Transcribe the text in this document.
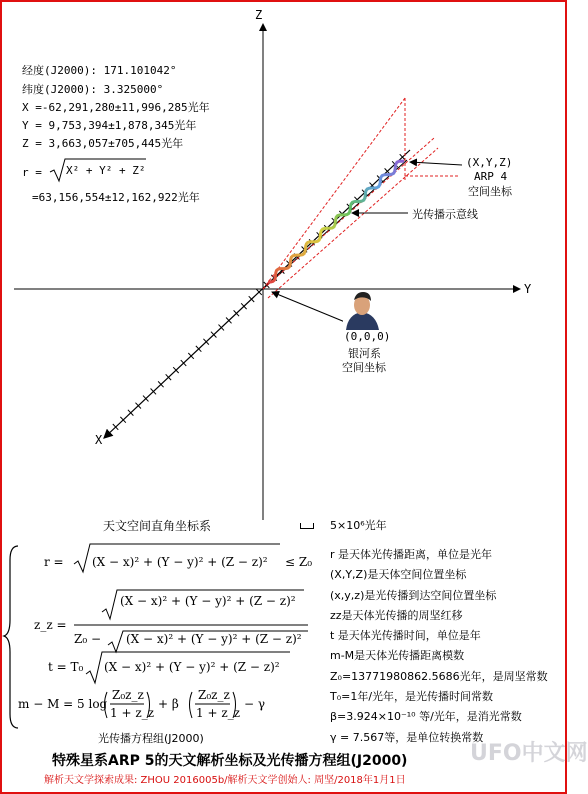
Z
Y
X
经度(J2000): 171.101042°
纬度(J2000): 3.325000°
X =-62,291,280±11,996,285光年
Y = 9,753,394±1,878,345光年
Z = 3,663,057±705,445光年
r = X² + Y² + Z²
=63,156,554±12,162,922光年
(X,Y,Z)
ARP 4
空间坐标
光传播示意线
(0,0,0)
银河系
空间坐标
天文空间直角坐标系	5×10⁶光年
r = (X − x)² + (Y − y)² + (Z − z)² ≤ Z₀
z_z =
(X − x)² + (Y − y)² + (Z − z)²
Z₀ − (X − x)² + (Y − y)² + (Z − z)²
t = T₀ (X − x)² + (Y − y)² + (Z − z)²
m − M = 5 log
Z₀z_z
1 + z_z
+ β
Z₀z_z
1 + z_z
− γ
光传播方程组(J2000)
r 是天体光传播距离，单位是光年
(X,Y,Z)是天体空间位置坐标
(x,y,z)是光传播到达空间位置坐标
zz是天体光传播的周坚红移
t 是天体光传播时间，单位是年
m-M是天体光传播距离模数
Z₀=13771980862.5686光年，是周坚常数
T₀=1年/光年，是光传播时间常数
β=3.924×10⁻¹⁰ 等/光年，是消光常数
γ = 7.567等，是单位转换常数
特殊星系ARP 5的天文解析坐标及光传播方程组(J2000)
解析天文学探索成果: ZHOU 2016005b/解析天文学创始人: 周坚/2018年1月1日
UFO中文网
